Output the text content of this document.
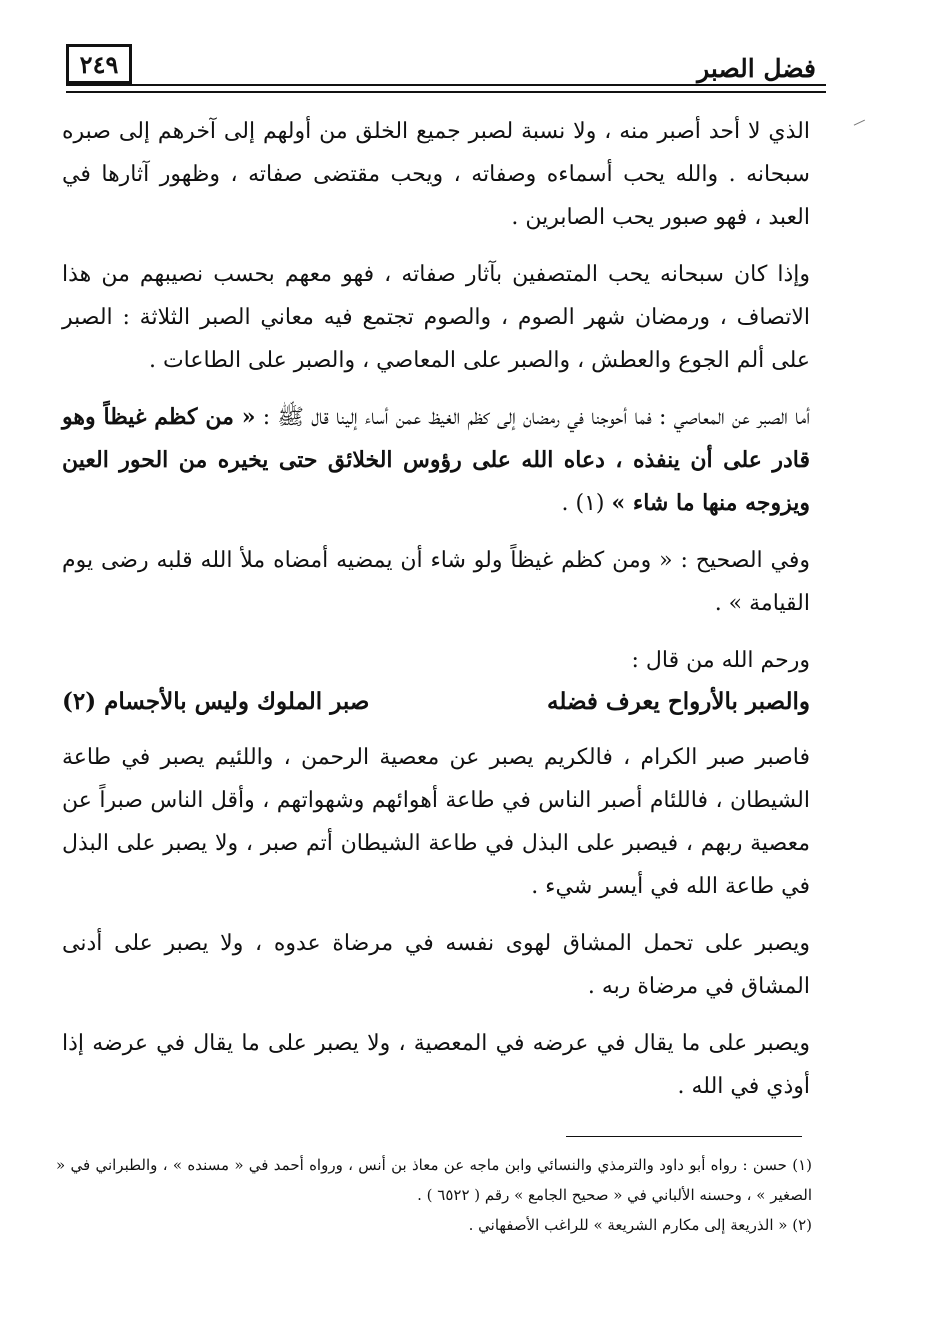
فضل الصبر
٢٤٩

الذي لا أحد أصبر منه ، ولا نسبة لصبر جميع الخلق من أولهم إلى آخرهم إلى صبره سبحانه . والله يحب أسماءه وصفاته ، ويحب مقتضى صفاته ، وظهور آثارها في العبد ، فهو صبور يحب الصابرين .

وإذا كان سبحانه يحب المتصفين بآثار صفاته ، فهو معهم بحسب نصيبهم من هذا الاتصاف ، ورمضان شهر الصوم ، والصوم تجتمع فيه معاني الصبر الثلاثة : الصبر على ألم الجوع والعطش ، والصبر على المعاصي ، والصبر على الطاعات .

أما الصبر عن المعاصي : فما أحوجنا في رمضان إلى كظم الغيظ عمن أساء إلينا قال ﷺ : « من كظم غيظاً وهو قادر على أن ينفذه ، دعاه الله على رؤوس الخلائق حتى يخيره من الحور العين ويزوجه منها ما شاء » (١) .

وفي الصحيح : « ومن كظم غيظاً ولو شاء أن يمضيه أمضاه ملأ الله قلبه رضى يوم القيامة » .

ورحم الله من قال :

والصبر بالأرواح يعرف فضله
صبر الملوك وليس بالأجسام (٢)

فاصبر صبر الكرام ، فالكريم يصبر عن معصية الرحمن ، واللئيم يصبر في طاعة الشيطان ، فاللئام أصبر الناس في طاعة أهوائهم وشهواتهم ، وأقل الناس صبراً عن معصية ربهم ، فيصبر على البذل في طاعة الشيطان أتم صبر ، ولا يصبر على البذل في طاعة الله في أيسر شيء .

ويصبر على تحمل المشاق لهوى نفسه في مرضاة عدوه ، ولا يصبر على أدنى المشاق في مرضاة ربه .

ويصبر على ما يقال في عرضه في المعصية ، ولا يصبر على ما يقال في عرضه إذا أوذي في الله .

(١) حسن : رواه أبو داود والترمذي والنسائي وابن ماجه عن معاذ بن أنس ، ورواه أحمد في « مسنده » ، والطبراني في « الصغير » ، وحسنه الألباني في « صحيح الجامع » رقم ( ٦٥٢٢ ) .

(٢) « الذريعة إلى مكارم الشريعة » للراغب الأصفهاني .
